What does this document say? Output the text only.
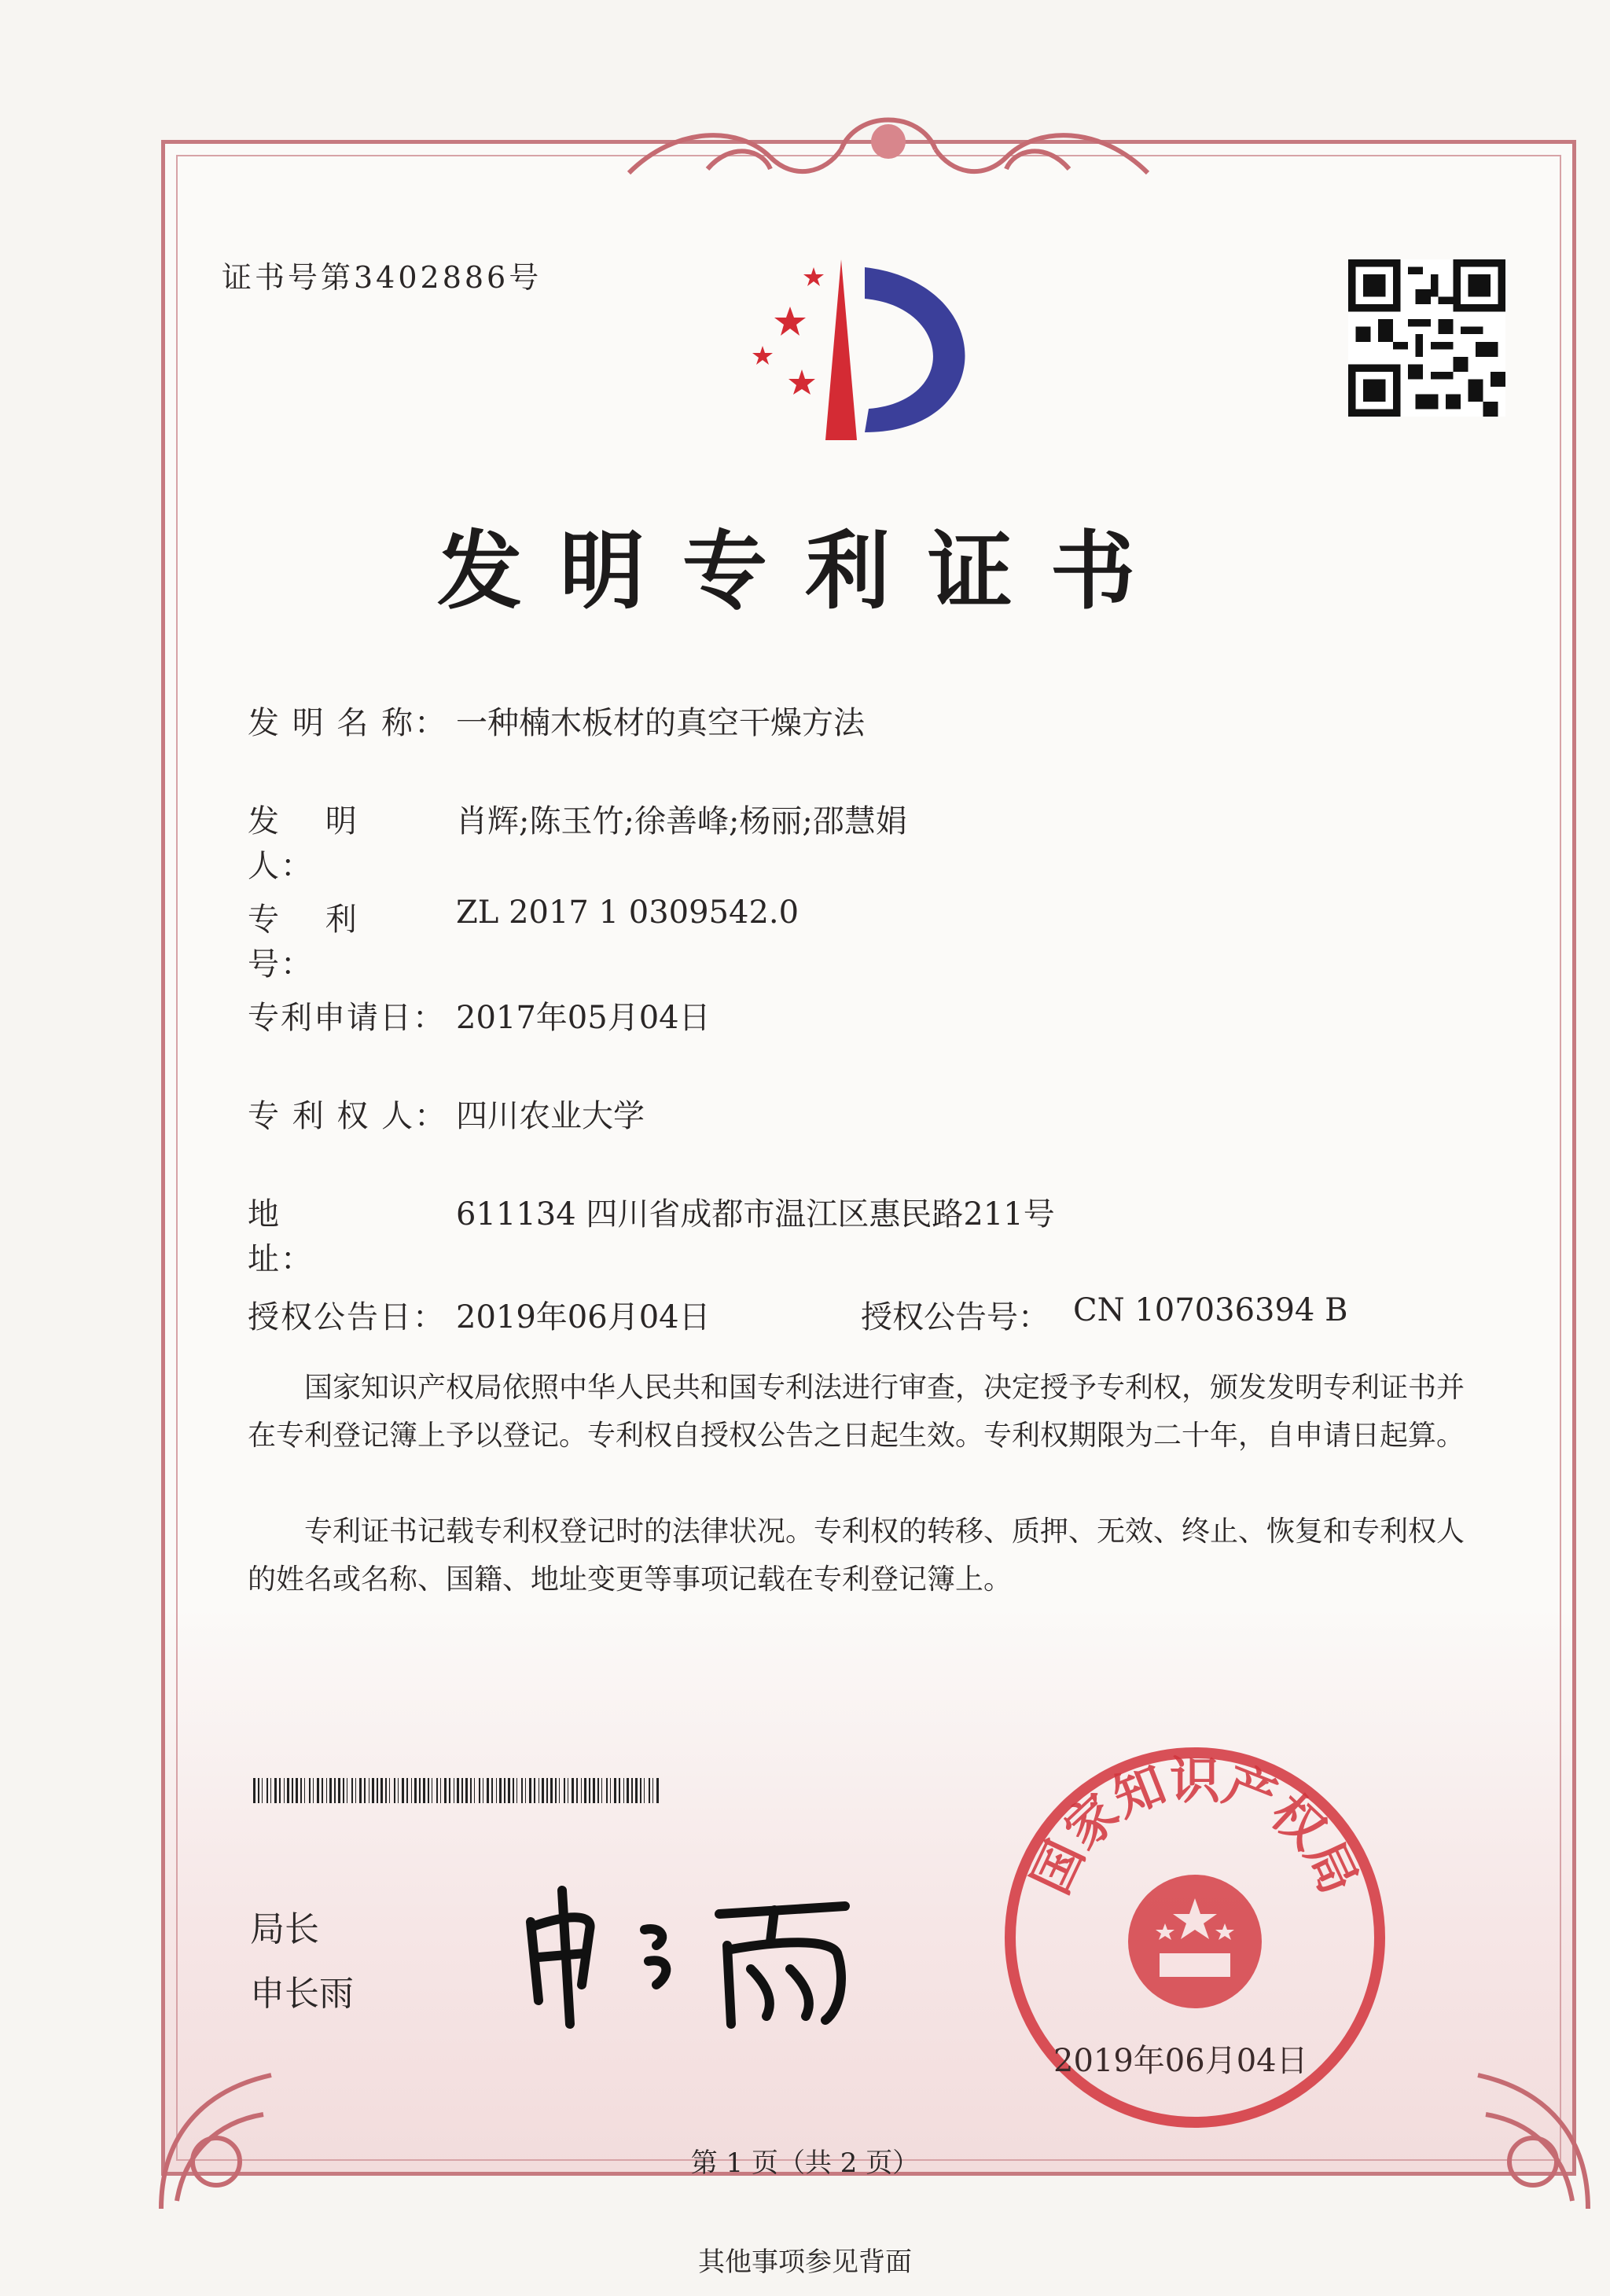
证书号第3402886号
发明专利证书
发 明 名 称： 一种楠木板材的真空干燥方法
发　 明　 人：
肖辉;陈玉竹;徐善峰;杨丽;邵慧娟
专　 利　 号：
ZL 2017 1 0309542.0
专利申请日： 2017年05月04日
专 利 权 人： 四川农业大学
地　　　 址：
611134 四川省成都市温江区惠民路211号
授权公告日： 2019年06月04日	授权公告号： CN 107036394 B
国家知识产权局依照中华人民共和国专利法进行审查，决定授予专利权，颁发发明专利证书并在专利登记簿上予以登记。专利权自授权公告之日起生效。专利权期限为二十年，自申请日起算。
专利证书记载专利权登记时的法律状况。专利权的转移、质押、无效、终止、恢复和专利权人的姓名或名称、国籍、地址变更等事项记载在专利登记簿上。
局长
申长雨
国家知识产权局
2019年06月04日
第 1 页（共 2 页）
其他事项参见背面
